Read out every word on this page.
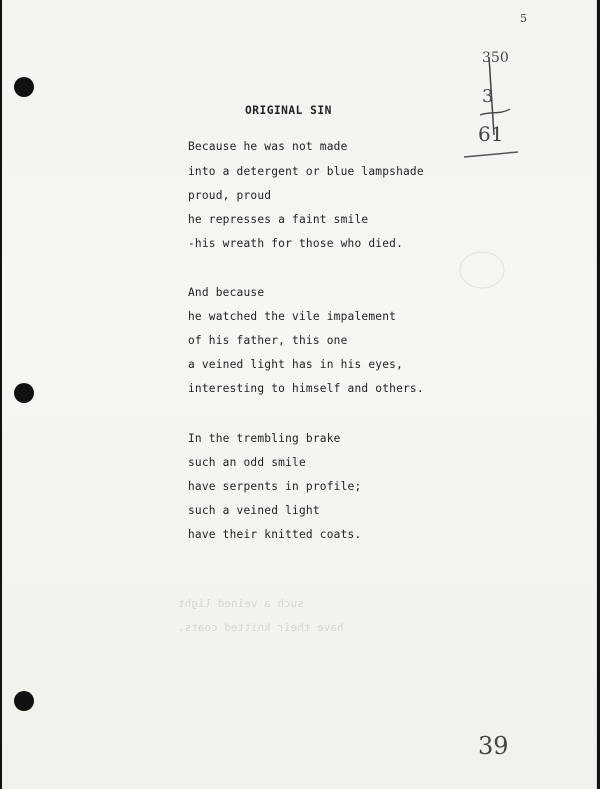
5
350
3
61
39
ORIGINAL SIN
Because he was not made
into a detergent or blue lampshade
proud, proud
he represses a faint smile
-his wreath for those who died.
And because
he watched the vile impalement
of his father, this one
a veined light has in his eyes,
interesting to himself and others.
In the trembling brake
such an odd smile
have serpents in profile;
such a veined light
have their knitted coats.
such a veined light
have their knitted coats.
